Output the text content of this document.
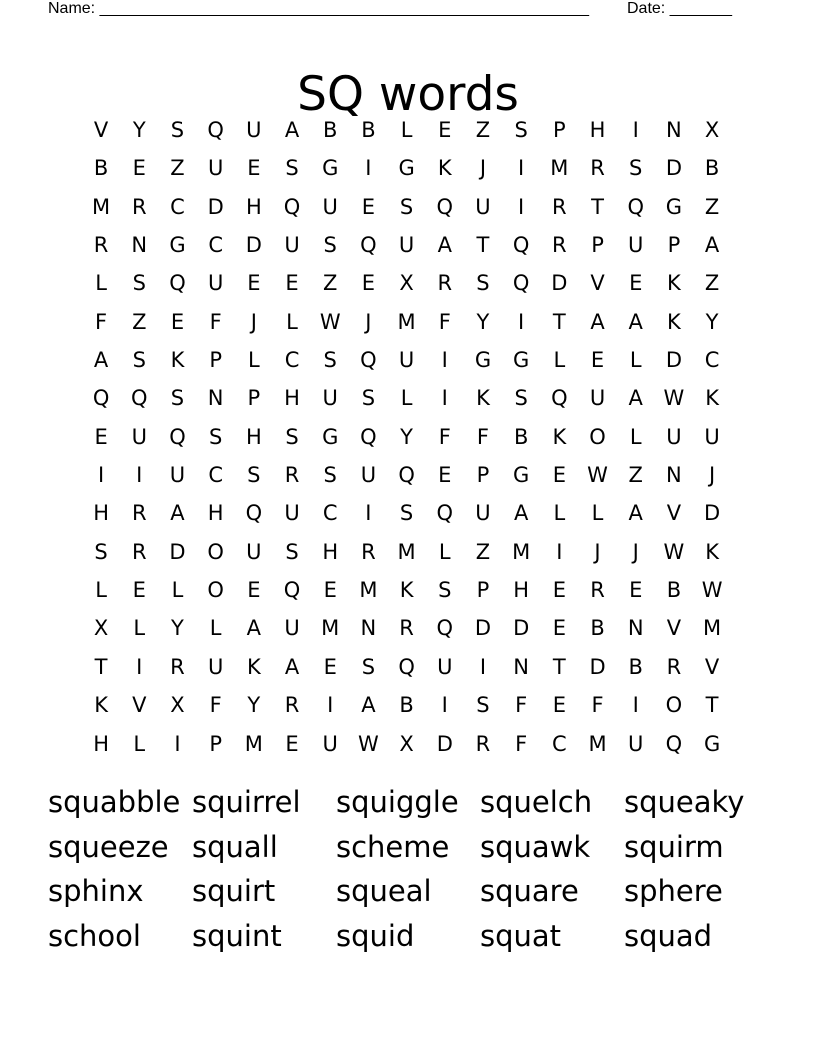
Name: _______________________________________________________ Date: _______
SQ words
V	Y	S	Q	U	A	B	B	L	E	Z	S	P	H	I	N	X
B	E	Z	U	E	S	G	I	G	K	J	I	M	R	S	D	B
M	R	C	D	H	Q	U	E	S	Q	U	I	R	T	Q	G	Z
R	N	G	C	D	U	S	Q	U	A	T	Q	R	P	U	P	A
L	S	Q	U	E	E	Z	E	X	R	S	Q	D	V	E	K	Z
F	Z	E	F	J	L	W	J	M	F	Y	I	T	A	A	K	Y
A	S	K	P	L	C	S	Q	U	I	G	G	L	E	L	D	C
Q	Q	S	N	P	H	U	S	L	I	K	S	Q	U	A W K
E	U	Q	S	H	S	G	Q	Y	F	F	B	K	O	L	U	U
I	I	U	C	S	R	S	U	Q	E	P	G	E	W Z	N	J
H	R	A	H	Q	U	C	I	S	Q	U	A	L	L	A	V	D
S	R	D	O	U	S	H	R	M	L	Z	M	I	J	J	W K
L	E	L	O	E	Q	E	M	K	S	P	H	E	R	E	B W
X	L	Y	L	A	U	M	N	R	Q	D	D	E	B	N	V	M
T	I	R	U	K	A	E	S	Q	U	I	N	T	D	B	R	V
K	V	X	F	Y	R	I	A	B	I	S	F	E	F	I	O	T
H	L	I	P	M	E	U W X	D	R	F	C	M	U	Q	G
squabble squirrel	squiggle squelch	squeaky
squeeze squall	scheme	squawk	squirm
sphinx	squirt	squeal	square	sphere
school	squint	squid	squat	squad
